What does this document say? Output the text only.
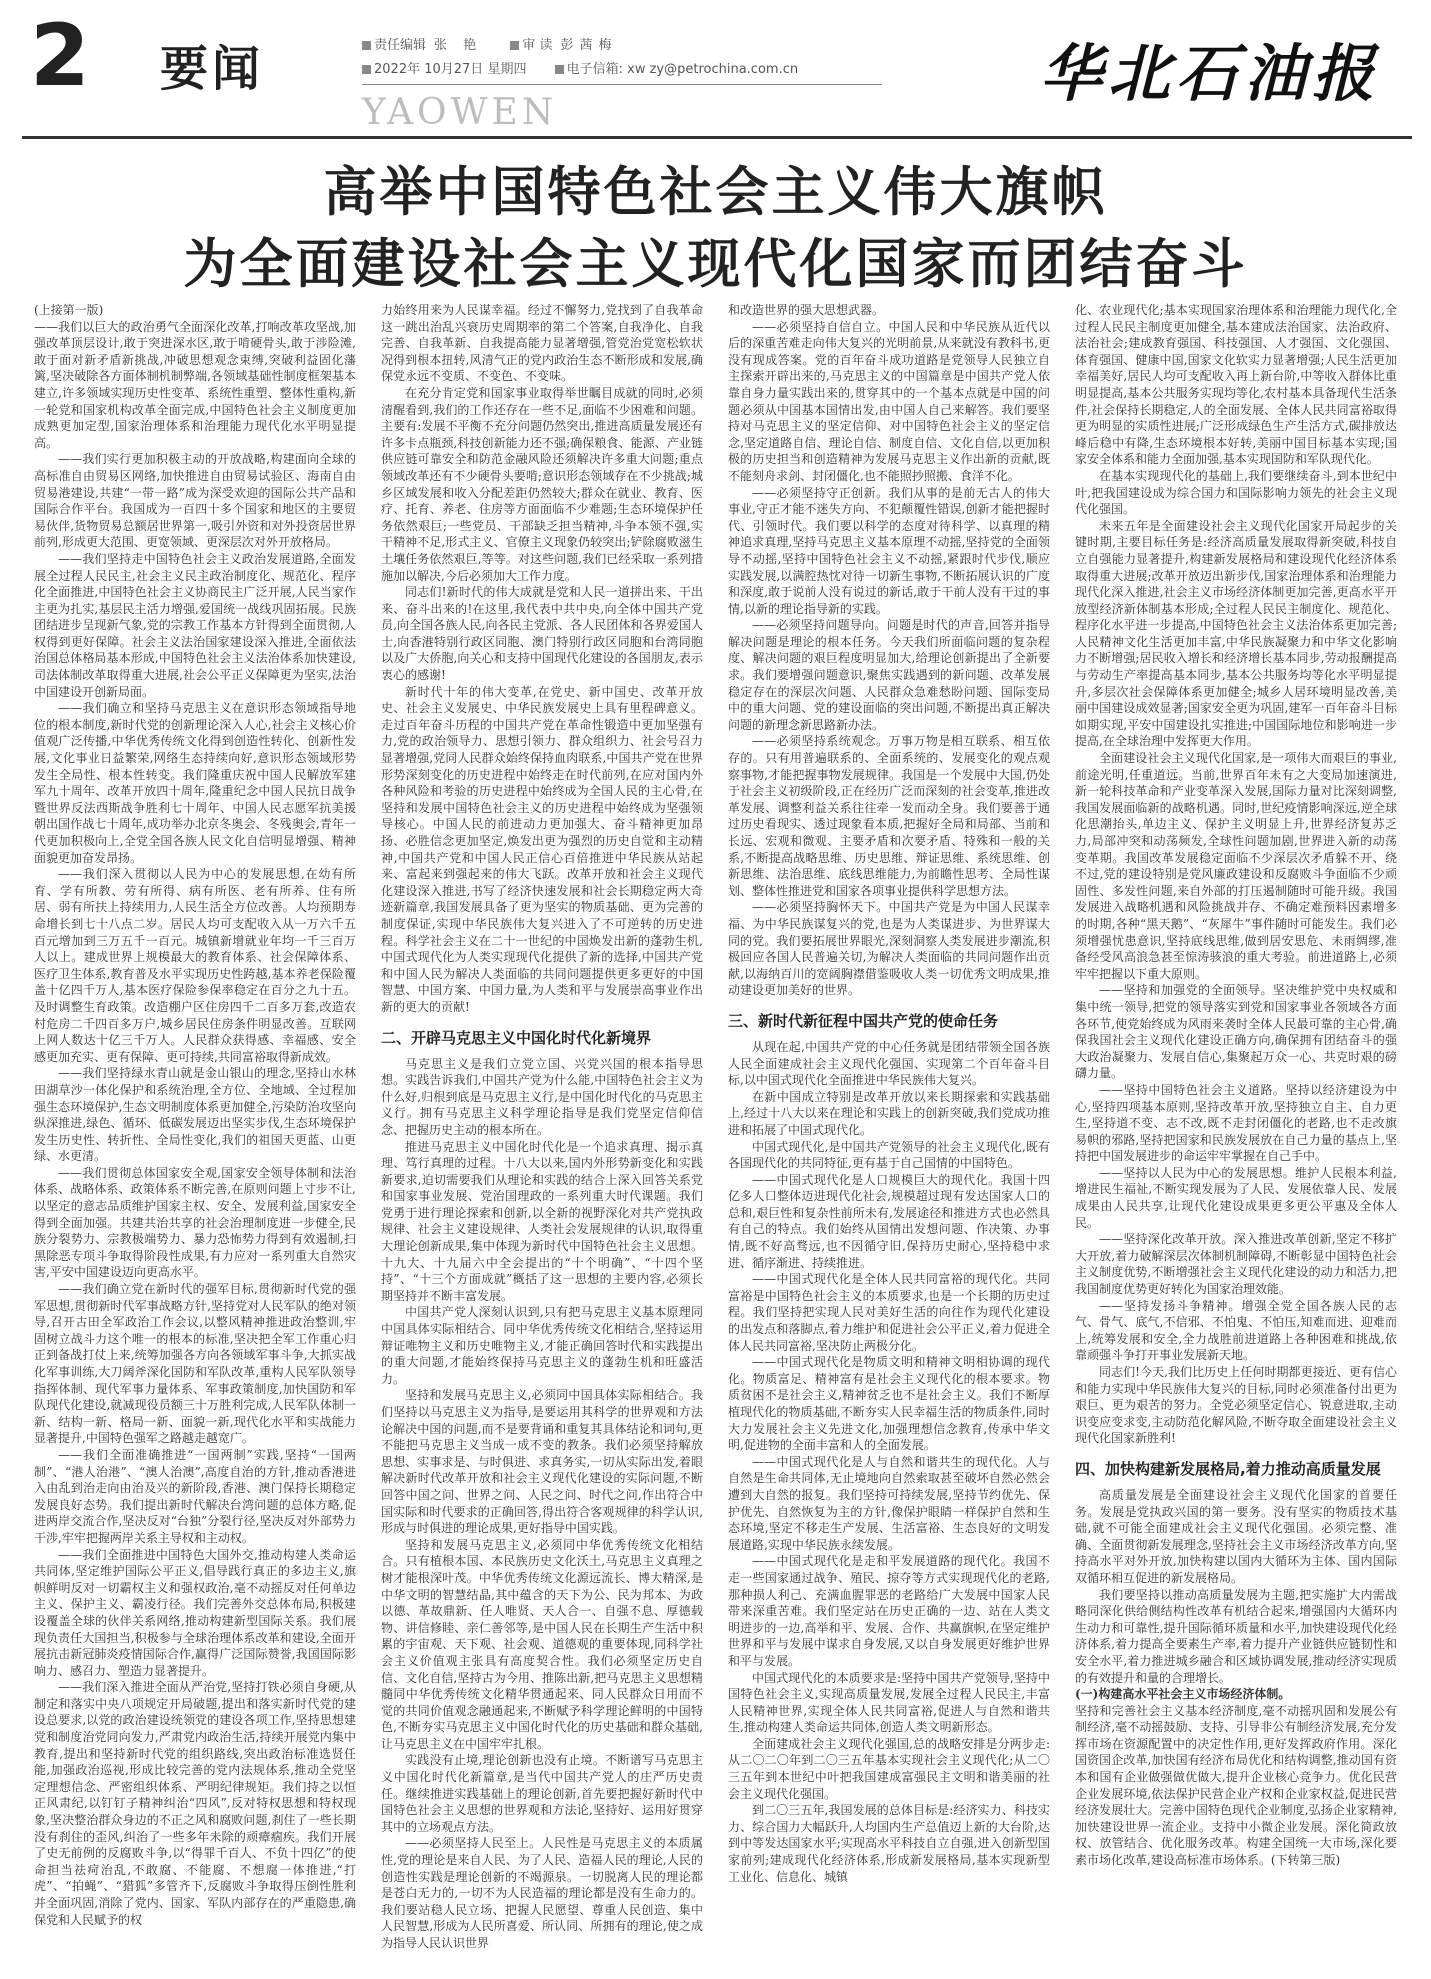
2 要闻	责任编辑 张 艳	审 读 彭茜梅
2022年 10月27日 星期四	电子信箱: xw zy@petrochina.com.cn
YAOWEN
华北石油报
高举中国特色社会主义伟大旗帜
为全面建设社会主义现代化国家而团结奋斗

(上接第一版)

——我们以巨大的政治勇气全面深化改革,打响改革攻坚战,加强改革顶层设计,敢于突进深水区,敢于啃硬骨头,敢于涉险滩,敢于面对新矛盾新挑战,冲破思想观念束缚,突破利益固化藩篱,坚决破除各方面体制机制弊端,各领域基础性制度框架基本建立,许多领域实现历史性变革、系统性重塑、整体性重构,新一轮党和国家机构改革全面完成,中国特色社会主义制度更加成熟更加定型,国家治理体系和治理能力现代化水平明显提高。

——我们实行更加积极主动的开放战略,构建面向全球的高标准自由贸易区网络,加快推进自由贸易试验区、海南自由贸易港建设,共建“一带一路”成为深受欢迎的国际公共产品和国际合作平台。我国成为一百四十多个国家和地区的主要贸易伙伴,货物贸易总额居世界第一,吸引外资和对外投资居世界前列,形成更大范围、更宽领域、更深层次对外开放格局。

——我们坚持走中国特色社会主义政治发展道路,全面发展全过程人民民主,社会主义民主政治制度化、规范化、程序化全面推进,中国特色社会主义协商民主广泛开展,人民当家作主更为扎实,基层民主活力增强,爱国统一战线巩固拓展。民族团结进步呈现新气象,党的宗教工作基本方针得到全面贯彻,人权得到更好保障。社会主义法治国家建设深入推进,全面依法治国总体格局基本形成,中国特色社会主义法治体系加快建设,司法体制改革取得重大进展,社会公平正义保障更为坚实,法治中国建设开创新局面。

——我们确立和坚持马克思主义在意识形态领域指导地位的根本制度,新时代党的创新理论深入人心,社会主义核心价值观广泛传播,中华优秀传统文化得到创造性转化、创新性发展,文化事业日益繁荣,网络生态持续向好,意识形态领域形势发生全局性、根本性转变。我们隆重庆祝中国人民解放军建军九十周年、改革开放四十周年,隆重纪念中国人民抗日战争暨世界反法西斯战争胜利七十周年、中国人民志愿军抗美援朝出国作战七十周年,成功举办北京冬奥会、冬残奥会,青年一代更加积极向上,全党全国各族人民文化自信明显增强、精神面貌更加奋发昂扬。

——我们深入贯彻以人民为中心的发展思想,在幼有所育、学有所教、劳有所得、病有所医、老有所养、住有所居、弱有所扶上持续用力,人民生活全方位改善。人均预期寿命增长到七十八点二岁。居民人均可支配收入从一万六千五百元增加到三万五千一百元。城镇新增就业年均一千三百万人以上。建成世界上规模最大的教育体系、社会保障体系、医疗卫生体系,教育普及水平实现历史性跨越,基本养老保险覆盖十亿四千万人,基本医疗保险参保率稳定在百分之九十五。及时调整生育政策。改造棚户区住房四千二百多万套,改造农村危房二千四百多万户,城乡居民住房条件明显改善。互联网上网人数达十亿三千万人。人民群众获得感、幸福感、安全感更加充实、更有保障、更可持续,共同富裕取得新成效。

——我们坚持绿水青山就是金山银山的理念,坚持山水林田湖草沙一体化保护和系统治理,全方位、全地域、全过程加强生态环境保护,生态文明制度体系更加健全,污染防治攻坚向纵深推进,绿色、循环、低碳发展迈出坚实步伐,生态环境保护发生历史性、转折性、全局性变化,我们的祖国天更蓝、山更绿、水更清。

——我们贯彻总体国家安全观,国家安全领导体制和法治体系、战略体系、政策体系不断完善,在原则问题上寸步不让,以坚定的意志品质维护国家主权、安全、发展利益,国家安全得到全面加强。共建共治共享的社会治理制度进一步健全,民族分裂势力、宗教极端势力、暴力恐怖势力得到有效遏制,扫黑除恶专项斗争取得阶段性成果,有力应对一系列重大自然灾害,平安中国建设迈向更高水平。

——我们确立党在新时代的强军目标,贯彻新时代党的强军思想,贯彻新时代军事战略方针,坚持党对人民军队的绝对领导,召开古田全军政治工作会议,以整风精神推进政治整训,牢固树立战斗力这个唯一的根本的标准,坚决把全军工作重心归正到备战打仗上来,统筹加强各方向各领域军事斗争,大抓实战化军事训练,大刀阔斧深化国防和军队改革,重构人民军队领导指挥体制、现代军事力量体系、军事政策制度,加快国防和军队现代化建设,就减现役员额三十万胜利完成,人民军队体制一新、结构一新、格局一新、面貌一新,现代化水平和实战能力显著提升,中国特色强军之路越走越宽广。

——我们全面准确推进“一国两制”实践,坚持“一国两制”、“港人治港”、“澳人治澳”,高度自治的方针,推动香港进入由乱到治走向由治及兴的新阶段,香港、澳门保持长期稳定发展良好态势。我们提出新时代解决台湾问题的总体方略,促进两岸交流合作,坚决反对“台独”分裂行径,坚决反对外部势力干涉,牢牢把握两岸关系主导权和主动权。

——我们全面推进中国特色大国外交,推动构建人类命运共同体,坚定维护国际公平正义,倡导践行真正的多边主义,旗帜鲜明反对一切霸权主义和强权政治,毫不动摇反对任何单边主义、保护主义、霸凌行径。我们完善外交总体布局,积极建设覆盖全球的伙伴关系网络,推动构建新型国际关系。我们展现负责任大国担当,积极参与全球治理体系改革和建设,全面开展抗击新冠肺炎疫情国际合作,赢得广泛国际赞誉,我国国际影响力、感召力、塑造力显著提升。

——我们深入推进全面从严治党,坚持打铁必须自身硬,从制定和落实中央八项规定开局破题,提出和落实新时代党的建设总要求,以党的政治建设统领党的建设各项工作,坚持思想建党和制度治党同向发力,严肃党内政治生活,持续开展党内集中教育,提出和坚持新时代党的组织路线,突出政治标准选贤任能,加强政治巡视,形成比较完善的党内法规体系,推动全党坚定理想信念、严密组织体系、严明纪律规矩。我们持之以恒正风肃纪,以钉钉子精神纠治“四风”,反对特权思想和特权现象,坚决整治群众身边的不正之风和腐败问题,刹住了一些长期没有刹住的歪风,纠治了一些多年未除的顽瘴痼疾。我们开展了史无前例的反腐败斗争,以“得罪千百人、不负十四亿”的使命担当祛疴治乱,不敢腐、不能腐、不想腐一体推进,“打虎”、“拍蝇”、“猎狐”多管齐下,反腐败斗争取得压倒性胜利并全面巩固,消除了党内、国家、军队内部存在的严重隐患,确保党和人民赋予的权

力始终用来为人民谋幸福。经过不懈努力,党找到了自我革命这一跳出治乱兴衰历史周期率的第二个答案,自我净化、自我完善、自我革新、自我提高能力显著增强,管党治党宽松软状况得到根本扭转,风清气正的党内政治生态不断形成和发展,确保党永远不变质、不变色、不变味。

在充分肯定党和国家事业取得举世瞩目成就的同时,必须清醒看到,我们的工作还存在一些不足,面临不少困难和问题。主要有:发展不平衡不充分问题仍然突出,推进高质量发展还有许多卡点瓶颈,科技创新能力还不强;确保粮食、能源、产业链供应链可靠安全和防范金融风险还须解决许多重大问题;重点领域改革还有不少硬骨头要啃;意识形态领域存在不少挑战;城乡区域发展和收入分配差距仍然较大;群众在就业、教育、医疗、托育、养老、住房等方面面临不少难题;生态环境保护任务依然艰巨;一些党员、干部缺乏担当精神,斗争本领不强,实干精神不足,形式主义、官僚主义现象仍较突出;铲除腐败滋生土壤任务依然艰巨,等等。对这些问题,我们已经采取一系列措施加以解决,今后必须加大工作力度。

同志们!新时代的伟大成就是党和人民一道拼出来、干出来、奋斗出来的!在这里,我代表中共中央,向全体中国共产党员,向全国各族人民,向各民主党派、各人民团体和各界爱国人士,向香港特别行政区同胞、澳门特别行政区同胞和台湾同胞以及广大侨胞,向关心和支持中国现代化建设的各国朋友,表示衷心的感谢!

新时代十年的伟大变革,在党史、新中国史、改革开放史、社会主义发展史、中华民族发展史上具有里程碑意义。走过百年奋斗历程的中国共产党在革命性锻造中更加坚强有力,党的政治领导力、思想引领力、群众组织力、社会号召力显著增强,党同人民群众始终保持血肉联系,中国共产党在世界形势深刻变化的历史进程中始终走在时代前列,在应对国内外各种风险和考验的历史进程中始终成为全国人民的主心骨,在坚持和发展中国特色社会主义的历史进程中始终成为坚强领导核心。中国人民的前进动力更加强大、奋斗精神更加昂扬、必胜信念更加坚定,焕发出更为强烈的历史自觉和主动精神,中国共产党和中国人民正信心百倍推进中华民族从站起来、富起来到强起来的伟大飞跃。改革开放和社会主义现代化建设深入推进,书写了经济快速发展和社会长期稳定两大奇迹新篇章,我国发展具备了更为坚实的物质基础、更为完善的制度保证,实现中华民族伟大复兴进入了不可逆转的历史进程。科学社会主义在二十一世纪的中国焕发出新的蓬勃生机,中国式现代化为人类实现现代化提供了新的选择,中国共产党和中国人民为解决人类面临的共同问题提供更多更好的中国智慧、中国方案、中国力量,为人类和平与发展崇高事业作出新的更大的贡献!

二、开辟马克思主义中国化时代化新境界

马克思主义是我们立党立国、兴党兴国的根本指导思想。实践告诉我们,中国共产党为什么能,中国特色社会主义为什么好,归根到底是马克思主义行,是中国化时代化的马克思主义行。拥有马克思主义科学理论指导是我们党坚定信仰信念、把握历史主动的根本所在。

推进马克思主义中国化时代化是一个追求真理、揭示真理、笃行真理的过程。十八大以来,国内外形势新变化和实践新要求,迫切需要我们从理论和实践的结合上深入回答关系党和国家事业发展、党治国理政的一系列重大时代课题。我们党勇于进行理论探索和创新,以全新的视野深化对共产党执政规律、社会主义建设规律、人类社会发展规律的认识,取得重大理论创新成果,集中体现为新时代中国特色社会主义思想。十九大、十九届六中全会提出的“十个明确”、“十四个坚持”、“十三个方面成就”概括了这一思想的主要内容,必须长期坚持并不断丰富发展。

中国共产党人深刻认识到,只有把马克思主义基本原理同中国具体实际相结合、同中华优秀传统文化相结合,坚持运用辩证唯物主义和历史唯物主义,才能正确回答时代和实践提出的重大问题,才能始终保持马克思主义的蓬勃生机和旺盛活力。

坚持和发展马克思主义,必须同中国具体实际相结合。我们坚持以马克思主义为指导,是要运用其科学的世界观和方法论解决中国的问题,而不是要背诵和重复其具体结论和词句,更不能把马克思主义当成一成不变的教条。我们必须坚持解放思想、实事求是、与时俱进、求真务实,一切从实际出发,着眼解决新时代改革开放和社会主义现代化建设的实际问题,不断回答中国之问、世界之问、人民之问、时代之问,作出符合中国实际和时代要求的正确回答,得出符合客观规律的科学认识,形成与时俱进的理论成果,更好指导中国实践。

坚持和发展马克思主义,必须同中华优秀传统文化相结合。只有植根本国、本民族历史文化沃土,马克思主义真理之树才能根深叶茂。中华优秀传统文化源远流长、博大精深,是中华文明的智慧结晶,其中蕴含的天下为公、民为邦本、为政以德、革故鼎新、任人唯贤、天人合一、自强不息、厚德载物、讲信修睦、亲仁善邻等,是中国人民在长期生产生活中积累的宇宙观、天下观、社会观、道德观的重要体现,同科学社会主义价值观主张具有高度契合性。我们必须坚定历史自信、文化自信,坚持古为今用、推陈出新,把马克思主义思想精髓同中华优秀传统文化精华贯通起来、同人民群众日用而不觉的共同价值观念融通起来,不断赋予科学理论鲜明的中国特色,不断夯实马克思主义中国化时代化的历史基础和群众基础,让马克思主义在中国牢牢扎根。

实践没有止境,理论创新也没有止境。不断谱写马克思主义中国化时代化新篇章,是当代中国共产党人的庄严历史责任。继续推进实践基础上的理论创新,首先要把握好新时代中国特色社会主义思想的世界观和方法论,坚持好、运用好贯穿其中的立场观点方法。

——必须坚持人民至上。人民性是马克思主义的本质属性,党的理论是来自人民、为了人民、造福人民的理论,人民的创造性实践是理论创新的不竭源泉。一切脱离人民的理论都是苍白无力的,一切不为人民造福的理论都是没有生命力的。我们要站稳人民立场、把握人民愿望、尊重人民创造、集中人民智慧,形成为人民所喜爱、所认同、所拥有的理论,使之成为指导人民认识世界

和改造世界的强大思想武器。

——必须坚持自信自立。中国人民和中华民族从近代以后的深重苦难走向伟大复兴的光明前景,从来就没有教科书,更没有现成答案。党的百年奋斗成功道路是党领导人民独立自主探索开辟出来的,马克思主义的中国篇章是中国共产党人依靠自身力量实践出来的,贯穿其中的一个基本点就是中国的问题必须从中国基本国情出发,由中国人自己来解答。我们要坚持对马克思主义的坚定信仰、对中国特色社会主义的坚定信念,坚定道路自信、理论自信、制度自信、文化自信,以更加积极的历史担当和创造精神为发展马克思主义作出新的贡献,既不能刻舟求剑、封闭僵化,也不能照抄照搬、食洋不化。

——必须坚持守正创新。我们从事的是前无古人的伟大事业,守正才能不迷失方向、不犯颠覆性错误,创新才能把握时代、引领时代。我们要以科学的态度对待科学、以真理的精神追求真理,坚持马克思主义基本原理不动摇,坚持党的全面领导不动摇,坚持中国特色社会主义不动摇,紧跟时代步伐,顺应实践发展,以满腔热忱对待一切新生事物,不断拓展认识的广度和深度,敢于说前人没有说过的新话,敢于干前人没有干过的事情,以新的理论指导新的实践。

——必须坚持问题导向。问题是时代的声音,回答并指导解决问题是理论的根本任务。今天我们所面临问题的复杂程度、解决问题的艰巨程度明显加大,给理论创新提出了全新要求。我们要增强问题意识,聚焦实践遇到的新问题、改革发展稳定存在的深层次问题、人民群众急难愁盼问题、国际变局中的重大问题、党的建设面临的突出问题,不断提出真正解决问题的新理念新思路新办法。

——必须坚持系统观念。万事万物是相互联系、相互依存的。只有用普遍联系的、全面系统的、发展变化的观点观察事物,才能把握事物发展规律。我国是一个发展中大国,仍处于社会主义初级阶段,正在经历广泛而深刻的社会变革,推进改革发展、调整利益关系往往牵一发而动全身。我们要善于通过历史看现实、透过现象看本质,把握好全局和局部、当前和长远、宏观和微观、主要矛盾和次要矛盾、特殊和一般的关系,不断提高战略思维、历史思维、辩证思维、系统思维、创新思维、法治思维、底线思维能力,为前瞻性思考、全局性谋划、整体性推进党和国家各项事业提供科学思想方法。

——必须坚持胸怀天下。中国共产党是为中国人民谋幸福、为中华民族谋复兴的党,也是为人类谋进步、为世界谋大同的党。我们要拓展世界眼光,深刻洞察人类发展进步潮流,积极回应各国人民普遍关切,为解决人类面临的共同问题作出贡献,以海纳百川的宽阔胸襟借鉴吸收人类一切优秀文明成果,推动建设更加美好的世界。

三、新时代新征程中国共产党的使命任务

从现在起,中国共产党的中心任务就是团结带领全国各族人民全面建成社会主义现代化强国、实现第二个百年奋斗目标,以中国式现代化全面推进中华民族伟大复兴。

在新中国成立特别是改革开放以来长期探索和实践基础上,经过十八大以来在理论和实践上的创新突破,我们党成功推进和拓展了中国式现代化。

中国式现代化,是中国共产党领导的社会主义现代化,既有各国现代化的共同特征,更有基于自己国情的中国特色。

——中国式现代化是人口规模巨大的现代化。我国十四亿多人口整体迈进现代化社会,规模超过现有发达国家人口的总和,艰巨性和复杂性前所未有,发展途径和推进方式也必然具有自己的特点。我们始终从国情出发想问题、作决策、办事情,既不好高骛远,也不因循守旧,保持历史耐心,坚持稳中求进、循序渐进、持续推进。

——中国式现代化是全体人民共同富裕的现代化。共同富裕是中国特色社会主义的本质要求,也是一个长期的历史过程。我们坚持把实现人民对美好生活的向往作为现代化建设的出发点和落脚点,着力维护和促进社会公平正义,着力促进全体人民共同富裕,坚决防止两极分化。

——中国式现代化是物质文明和精神文明相协调的现代化。物质富足、精神富有是社会主义现代化的根本要求。物质贫困不是社会主义,精神贫乏也不是社会主义。我们不断厚植现代化的物质基础,不断夯实人民幸福生活的物质条件,同时大力发展社会主义先进文化,加强理想信念教育,传承中华文明,促进物的全面丰富和人的全面发展。

——中国式现代化是人与自然和谐共生的现代化。人与自然是生命共同体,无止境地向自然索取甚至破坏自然必然会遭到大自然的报复。我们坚持可持续发展,坚持节约优先、保护优先、自然恢复为主的方针,像保护眼睛一样保护自然和生态环境,坚定不移走生产发展、生活富裕、生态良好的文明发展道路,实现中华民族永续发展。

——中国式现代化是走和平发展道路的现代化。我国不走一些国家通过战争、殖民、掠夺等方式实现现代化的老路,那种损人利己、充满血腥罪恶的老路给广大发展中国家人民带来深重苦难。我们坚定站在历史正确的一边、站在人类文明进步的一边,高举和平、发展、合作、共赢旗帜,在坚定维护世界和平与发展中谋求自身发展,又以自身发展更好维护世界和平与发展。

中国式现代化的本质要求是:坚持中国共产党领导,坚持中国特色社会主义,实现高质量发展,发展全过程人民民主,丰富人民精神世界,实现全体人民共同富裕,促进人与自然和谐共生,推动构建人类命运共同体,创造人类文明新形态。

全面建成社会主义现代化强国,总的战略安排是分两步走:从二〇二〇年到二〇三五年基本实现社会主义现代化;从二〇三五年到本世纪中叶把我国建成富强民主文明和谐美丽的社会主义现代化强国。

到二〇三五年,我国发展的总体目标是:经济实力、科技实力、综合国力大幅跃升,人均国内生产总值迈上新的大台阶,达到中等发达国家水平;实现高水平科技自立自强,进入创新型国家前列;建成现代化经济体系,形成新发展格局,基本实现新型工业化、信息化、城镇

化、农业现代化;基本实现国家治理体系和治理能力现代化,全过程人民民主制度更加健全,基本建成法治国家、法治政府、法治社会;建成教育强国、科技强国、人才强国、文化强国、体育强国、健康中国,国家文化软实力显著增强;人民生活更加幸福美好,居民人均可支配收入再上新台阶,中等收入群体比重明显提高,基本公共服务实现均等化,农村基本具备现代生活条件,社会保持长期稳定,人的全面发展、全体人民共同富裕取得更为明显的实质性进展;广泛形成绿色生产生活方式,碳排放达峰后稳中有降,生态环境根本好转,美丽中国目标基本实现;国家安全体系和能力全面加强,基本实现国防和军队现代化。

在基本实现现代化的基础上,我们要继续奋斗,到本世纪中叶,把我国建设成为综合国力和国际影响力领先的社会主义现代化强国。

未来五年是全面建设社会主义现代化国家开局起步的关键时期,主要目标任务是:经济高质量发展取得新突破,科技自立自强能力显著提升,构建新发展格局和建设现代化经济体系取得重大进展;改革开放迈出新步伐,国家治理体系和治理能力现代化深入推进,社会主义市场经济体制更加完善,更高水平开放型经济新体制基本形成;全过程人民民主制度化、规范化、程序化水平进一步提高,中国特色社会主义法治体系更加完善;人民精神文化生活更加丰富,中华民族凝聚力和中华文化影响力不断增强;居民收入增长和经济增长基本同步,劳动报酬提高与劳动生产率提高基本同步,基本公共服务均等化水平明显提升,多层次社会保障体系更加健全;城乡人居环境明显改善,美丽中国建设成效显著;国家安全更为巩固,建军一百年奋斗目标如期实现,平安中国建设扎实推进;中国国际地位和影响进一步提高,在全球治理中发挥更大作用。

全面建设社会主义现代化国家,是一项伟大而艰巨的事业,前途光明,任重道远。当前,世界百年未有之大变局加速演进,新一轮科技革命和产业变革深入发展,国际力量对比深刻调整,我国发展面临新的战略机遇。同时,世纪疫情影响深远,逆全球化思潮抬头,单边主义、保护主义明显上升,世界经济复苏乏力,局部冲突和动荡频发,全球性问题加剧,世界进入新的动荡变革期。我国改革发展稳定面临不少深层次矛盾躲不开、绕不过,党的建设特别是党风廉政建设和反腐败斗争面临不少顽固性、多发性问题,来自外部的打压遏制随时可能升级。我国发展进入战略机遇和风险挑战并存、不确定难预料因素增多的时期,各种“黑天鹅”、“灰犀牛”事件随时可能发生。我们必须增强忧患意识,坚持底线思维,做到居安思危、未雨绸缪,准备经受风高浪急甚至惊涛骇浪的重大考验。前进道路上,必须牢牢把握以下重大原则。

——坚持和加强党的全面领导。坚决维护党中央权威和集中统一领导,把党的领导落实到党和国家事业各领域各方面各环节,使党始终成为风雨来袭时全体人民最可靠的主心骨,确保我国社会主义现代化建设正确方向,确保拥有团结奋斗的强大政治凝聚力、发展自信心,集聚起万众一心、共克时艰的磅礴力量。

——坚持中国特色社会主义道路。坚持以经济建设为中心,坚持四项基本原则,坚持改革开放,坚持独立自主、自力更生,坚持道不变、志不改,既不走封闭僵化的老路,也不走改旗易帜的邪路,坚持把国家和民族发展放在自己力量的基点上,坚持把中国发展进步的命运牢牢掌握在自己手中。

——坚持以人民为中心的发展思想。维护人民根本利益,增进民生福祉,不断实现发展为了人民、发展依靠人民、发展成果由人民共享,让现代化建设成果更多更公平惠及全体人民。

——坚持深化改革开放。深入推进改革创新,坚定不移扩大开放,着力破解深层次体制机制障碍,不断彰显中国特色社会主义制度优势,不断增强社会主义现代化建设的动力和活力,把我国制度优势更好转化为国家治理效能。

——坚持发扬斗争精神。增强全党全国各族人民的志气、骨气、底气,不信邪、不怕鬼、不怕压,知难而进、迎难而上,统筹发展和安全,全力战胜前进道路上各种困难和挑战,依靠顽强斗争打开事业发展新天地。

同志们!今天,我们比历史上任何时期都更接近、更有信心和能力实现中华民族伟大复兴的目标,同时必须准备付出更为艰巨、更为艰苦的努力。全党必须坚定信心、锐意进取,主动识变应变求变,主动防范化解风险,不断夺取全面建设社会主义现代化国家新胜利!

四、加快构建新发展格局,着力推动高质量发展

高质量发展是全面建设社会主义现代化国家的首要任务。发展是党执政兴国的第一要务。没有坚实的物质技术基础,就不可能全面建成社会主义现代化强国。必须完整、准确、全面贯彻新发展理念,坚持社会主义市场经济改革方向,坚持高水平对外开放,加快构建以国内大循环为主体、国内国际双循环相互促进的新发展格局。

我们要坚持以推动高质量发展为主题,把实施扩大内需战略同深化供给侧结构性改革有机结合起来,增强国内大循环内生动力和可靠性,提升国际循环质量和水平,加快建设现代化经济体系,着力提高全要素生产率,着力提升产业链供应链韧性和安全水平,着力推进城乡融合和区域协调发展,推动经济实现质的有效提升和量的合理增长。

(一)构建高水平社会主义市场经济体制。

坚持和完善社会主义基本经济制度,毫不动摇巩固和发展公有制经济,毫不动摇鼓励、支持、引导非公有制经济发展,充分发挥市场在资源配置中的决定性作用,更好发挥政府作用。深化国资国企改革,加快国有经济布局优化和结构调整,推动国有资本和国有企业做强做优做大,提升企业核心竞争力。优化民营企业发展环境,依法保护民营企业产权和企业家权益,促进民营经济发展壮大。完善中国特色现代企业制度,弘扬企业家精神,加快建设世界一流企业。支持中小微企业发展。深化简政放权、放管结合、优化服务改革。构建全国统一大市场,深化要素市场化改革,建设高标准市场体系。(下转第三版)
